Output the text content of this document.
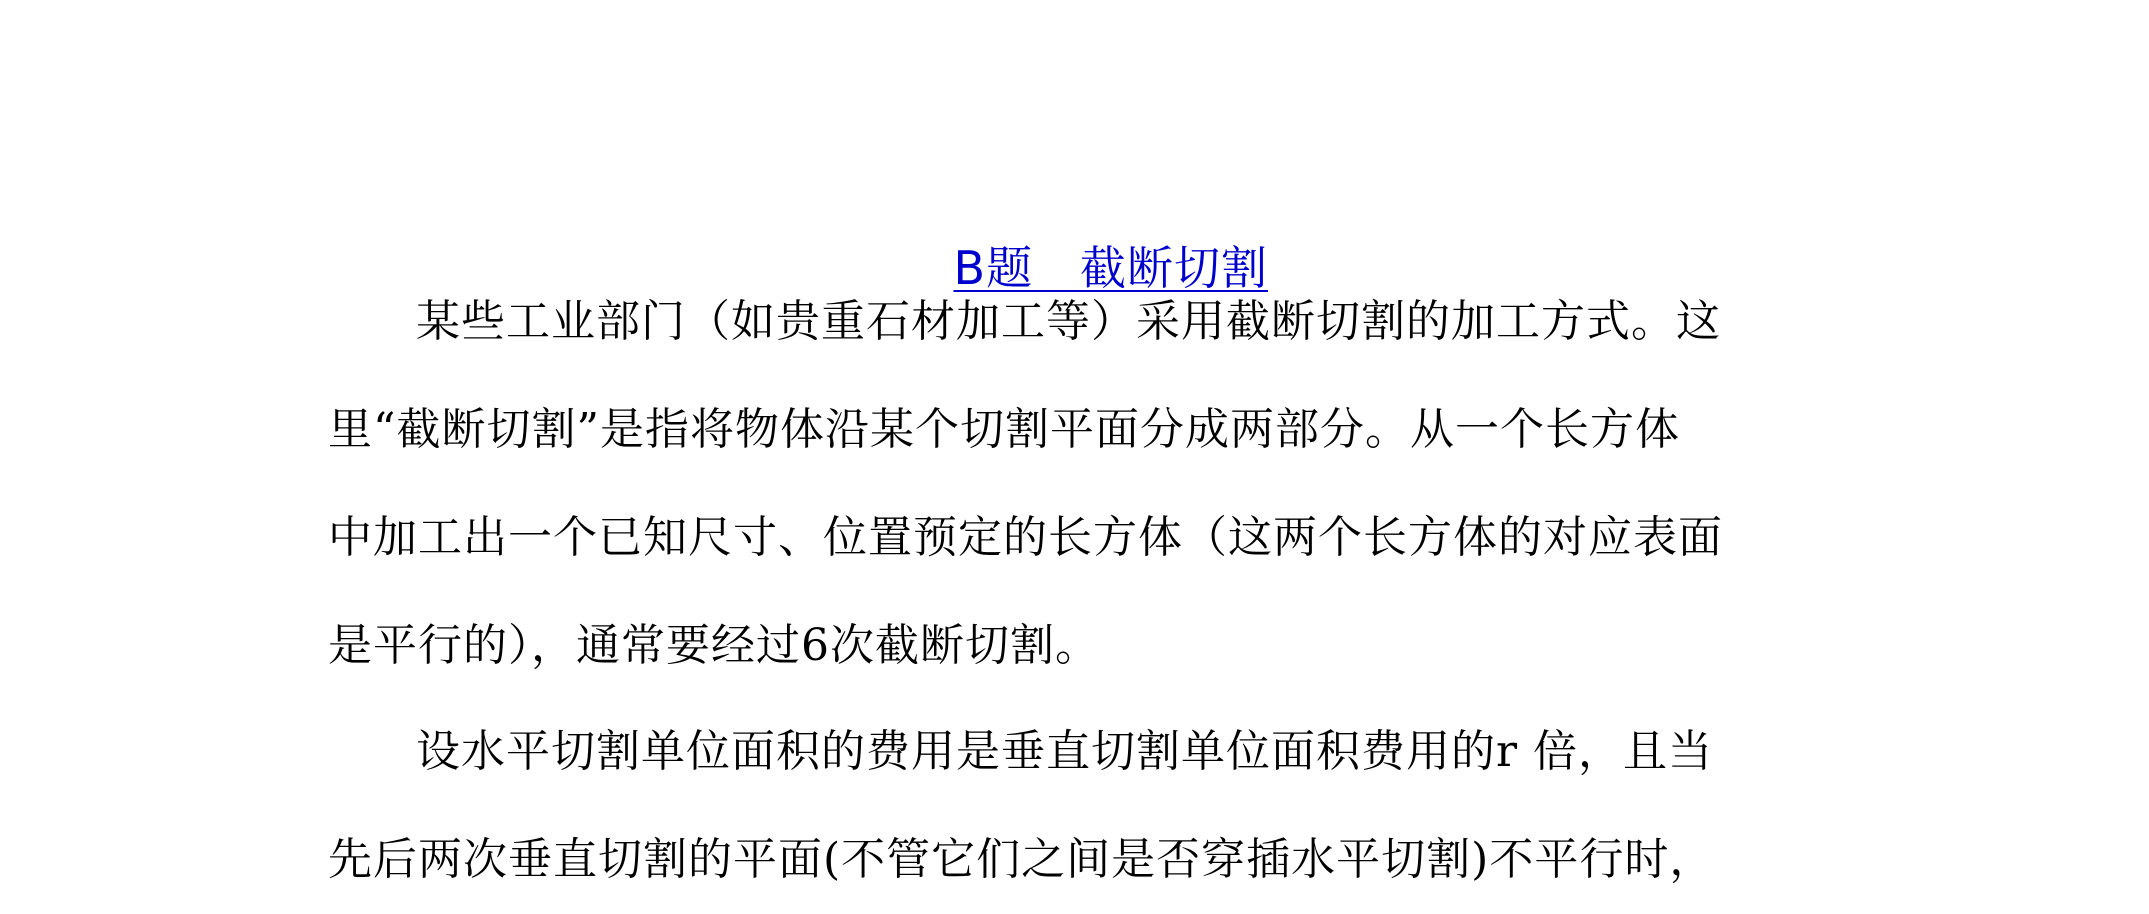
B题   截断切割

某些工业部门（如贵重石材加工等）采用截断切割的加工方式。这
里“截断切割”是指将物体沿某个切割平面分成两部分。从一个长方体
中加工出一个已知尺寸、位置预定的长方体（这两个长方体的对应表面
是平行的），通常要经过6次截断切割。
设水平切割单位面积的费用是垂直切割单位面积费用的r 倍，且当
先后两次垂直切割的平面(不管它们之间是否穿插水平切割)不平行时，
